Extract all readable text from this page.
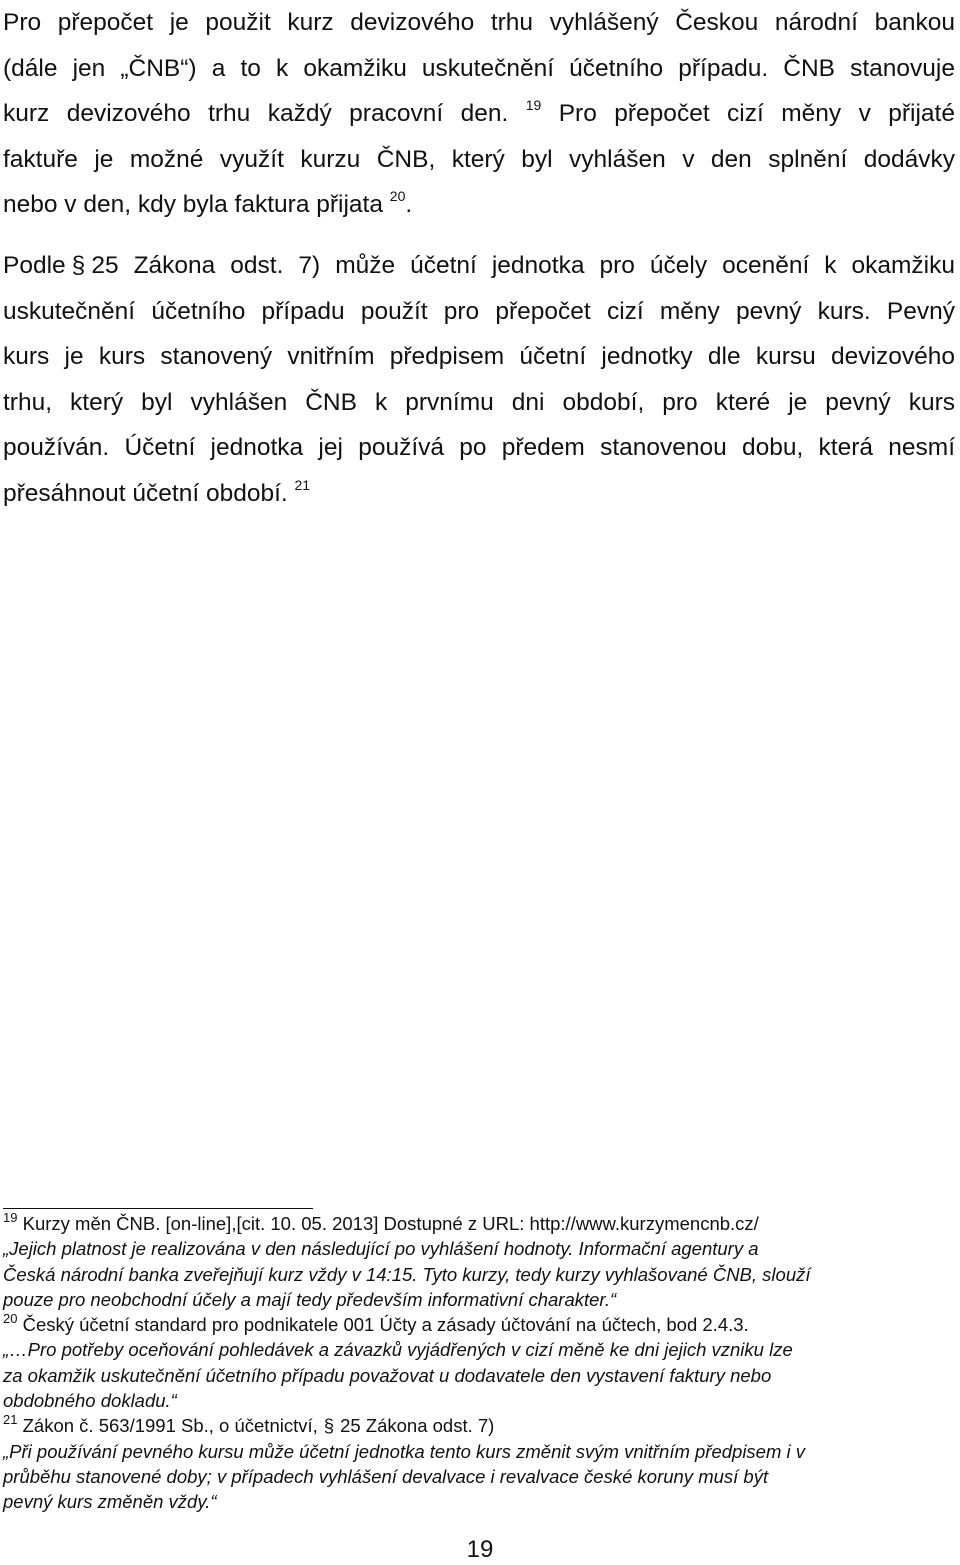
Pro přepočet je použit kurz devizového trhu vyhlášený Českou národní bankou
(dále jen „ČNB“) a to k okamžiku uskutečnění účetního případu. ČNB stanovuje
kurz devizového trhu každý pracovní den. $^{19}$ Pro přepočet cizí měny v přijaté
faktuře je možné využít kurzu ČNB, který byl vyhlášen v den splnění dodávky
nebo v den, kdy byla faktura přijata $^{20}$.
Podle § 25 Zákona odst. 7) může účetní jednotka pro účely ocenění k okamžiku
uskutečnění účetního případu použít pro přepočet cizí měny pevný kurs. Pevný
kurs je kurs stanovený vnitřním předpisem účetní jednotky dle kursu devizového
trhu, který byl vyhlášen ČNB k prvnímu dni období, pro které je pevný kurs
používán. Účetní jednotka jej používá po předem stanovenou dobu, která nesmí
přesáhnout účetní období. $^{21}$
$^{19}$ Kurzy měn ČNB. [on-line],[cit. 10. 05. 2013] Dostupné z URL: http://www.kurzymencnb.cz/
„Jejich platnost je realizována v den následující po vyhlášení hodnoty. Informační agentury a
Česká národní banka zveřejňují kurz vždy v 14:15. Tyto kurzy, tedy kurzy vyhlašované ČNB, slouží
pouze pro neobchodní účely a mají tedy především informativní charakter.“
$^{20}$ Český účetní standard pro podnikatele 001 Účty a zásady účtování na účtech, bod 2.4.3.
„…Pro potřeby oceňování pohledávek a závazků vyjádřených v cizí měně ke dni jejich vzniku lze
za okamžik uskutečnění účetního případu považovat u dodavatele den vystavení faktury nebo
obdobného dokladu.“
$^{21}$ Zákon č. 563/1991 Sb., o účetnictví, § 25 Zákona odst. 7)
„Při používání pevného kursu může účetní jednotka tento kurs změnit svým vnitřním předpisem i v
průběhu stanovené doby; v případech vyhlášení devalvace i revalvace české koruny musí být
pevný kurs změněn vždy.“
19
